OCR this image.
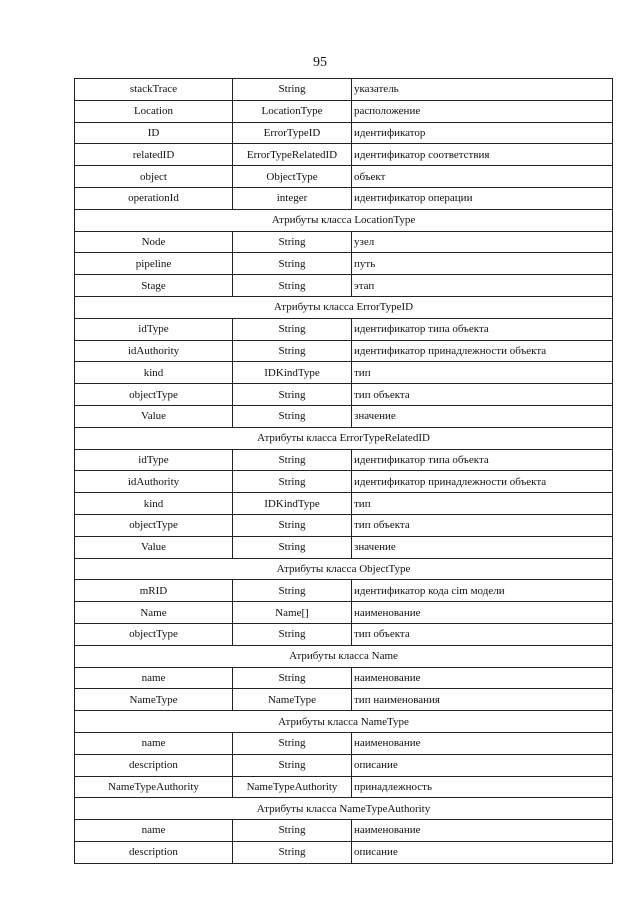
95
stackTrace	String	указатель
Location	LocationType	расположение
ID	ErrorTypeID	идентификатор
relatedID	ErrorTypeRelatedID	идентификатор соответствия
object	ObjectType	объект
operationId	integer	идентификатор операции
Атрибуты класса LocationType		
Node	String	узел
pipeline	String	путь
Stage	String	этап
Атрибуты класса ErrorTypeID		
idType	String	идентификатор типа объекта
idAuthority	String	идентификатор принадлежности объекта
kind	IDKindType	тип
objectType	String	тип объекта
Value	String	значение
Атрибуты класса ErrorTypeRelatedID		
idType	String	идентификатор типа объекта
idAuthority	String	идентификатор принадлежности объекта
kind	IDKindType	тип
objectType	String	тип объекта
Value	String	значение
Атрибуты класса ObjectType		
mRID	String	идентификатор кода cim модели
Name	Name[]	наименование
objectType	String	тип объекта
Атрибуты класса Name		
name	String	наименование
NameType	NameType	тип наименования
Атрибуты класса NameType		
name	String	наименование
description	String	описание
NameTypeAuthority	NameTypeAuthority	принадлежность
Атрибуты класса NameTypeAuthority		
name	String	наименование
description	String	описание
